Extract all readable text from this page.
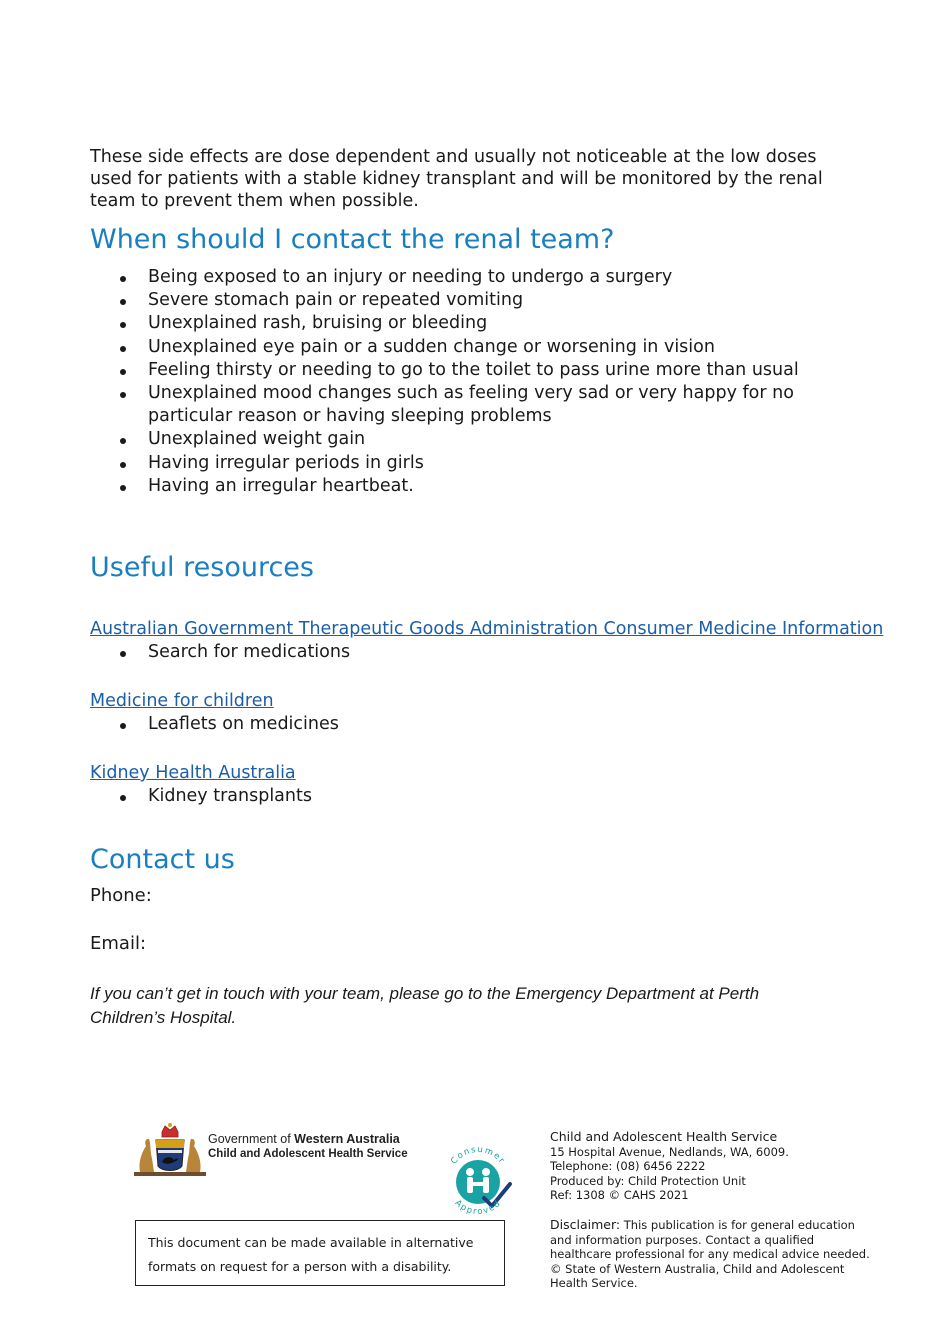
These side effects are dose dependent and usually not noticeable at the low doses used for patients with a stable kidney transplant and will be monitored by the renal team to prevent them when possible.

When should I contact the renal team?
Being exposed to an injury or needing to undergo a surgery
Severe stomach pain or repeated vomiting
Unexplained rash, bruising or bleeding
Unexplained eye pain or a sudden change or worsening in vision
Feeling thirsty or needing to go to the toilet to pass urine more than usual
Unexplained mood changes such as feeling very sad or very happy for no particular reason or having sleeping problems
Unexplained weight gain
Having irregular periods in girls
Having an irregular heartbeat.
Useful resources
Australian Government Therapeutic Goods Administration Consumer Medicine Information
Search for medications
Medicine for children
Leaflets on medicines
Kidney Health Australia
Kidney transplants
Contact us

Phone:

Email:

If you can’t get in touch with your team, please go to the Emergency Department at Perth Children’s Hospital.

Government of Western Australia
Child and Adolescent Health Service
Consumer
Approved
This document can be made available in alternative
formats on request for a person with a disability.
Child and Adolescent Health Service
15 Hospital Avenue, Nedlands, WA, 6009.
Telephone: (08) 6456 2222
Produced by: Child Protection Unit
Ref: 1308 © CAHS 2021
Disclaimer: This publication is for general education and information purposes. Contact a qualified healthcare professional for any medical advice needed.
© State of Western Australia, Child and Adolescent Health Service.
